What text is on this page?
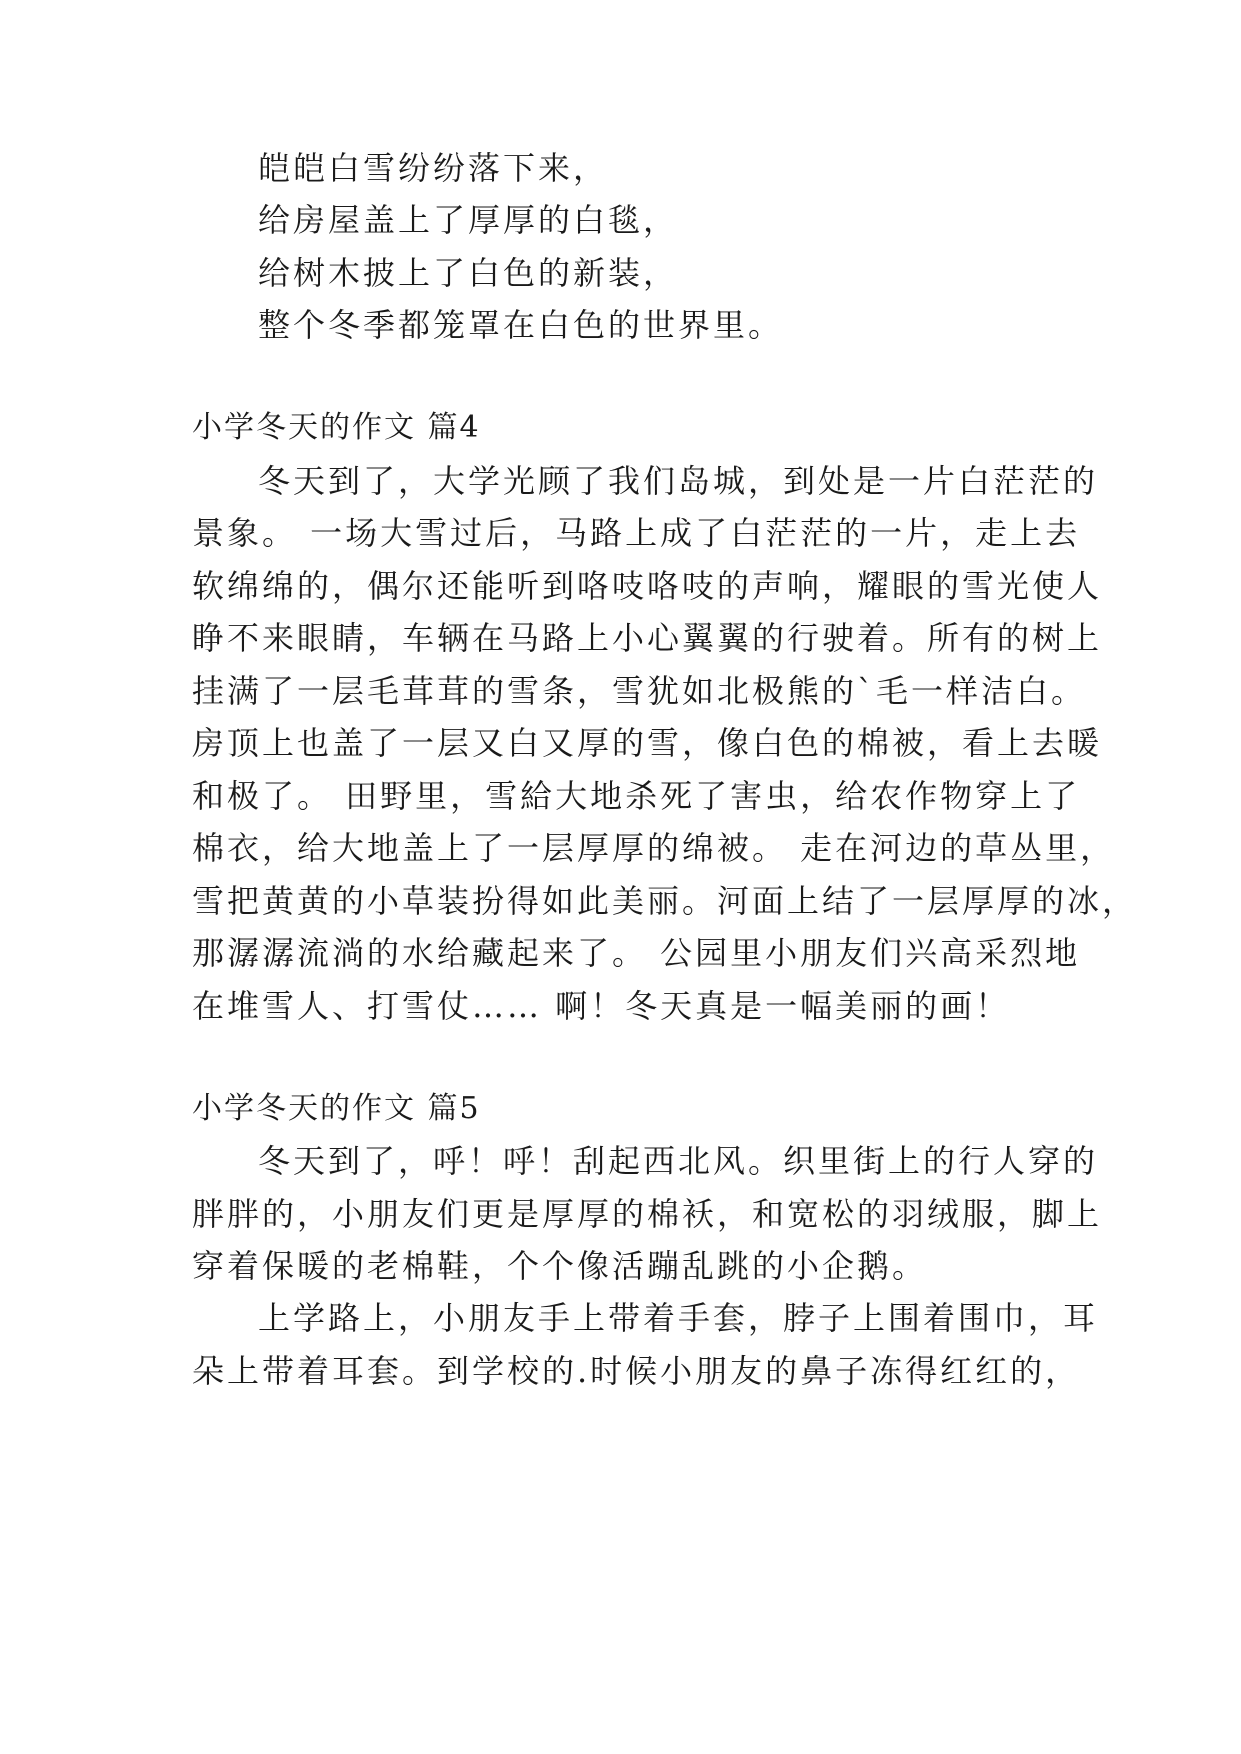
皑皑白雪纷纷落下来，
给房屋盖上了厚厚的白毯，
给树木披上了白色的新装，
整个冬季都笼罩在白色的世界里。
小学冬天的作文 篇4
冬天到了，大学光顾了我们岛城，到处是一片白茫茫的
景象。 一场大雪过后，马路上成了白茫茫的一片，走上去
软绵绵的，偶尔还能听到咯吱咯吱的声响，耀眼的雪光使人
睁不来眼睛，车辆在马路上小心翼翼的行驶着。所有的树上
挂满了一层毛茸茸的雪条，雪犹如北极熊的`毛一样洁白。
房顶上也盖了一层又白又厚的雪，像白色的棉被，看上去暖
和极了。 田野里，雪給大地杀死了害虫，给农作物穿上了
棉衣，给大地盖上了一层厚厚的绵被。 走在河边的草丛里，
雪把黄黄的小草装扮得如此美丽。河面上结了一层厚厚的冰，
那潺潺流淌的水给藏起来了。 公园里小朋友们兴高采烈地
在堆雪人、打雪仗…… 啊！冬天真是一幅美丽的画！
小学冬天的作文 篇5
冬天到了，呼！呼！刮起西北风。织里街上的行人穿的
胖胖的，小朋友们更是厚厚的棉袄，和宽松的羽绒服，脚上
穿着保暖的老棉鞋，个个像活蹦乱跳的小企鹅。
上学路上，小朋友手上带着手套，脖子上围着围巾，耳
朵上带着耳套。到学校的.时候小朋友的鼻子冻得红红的，
